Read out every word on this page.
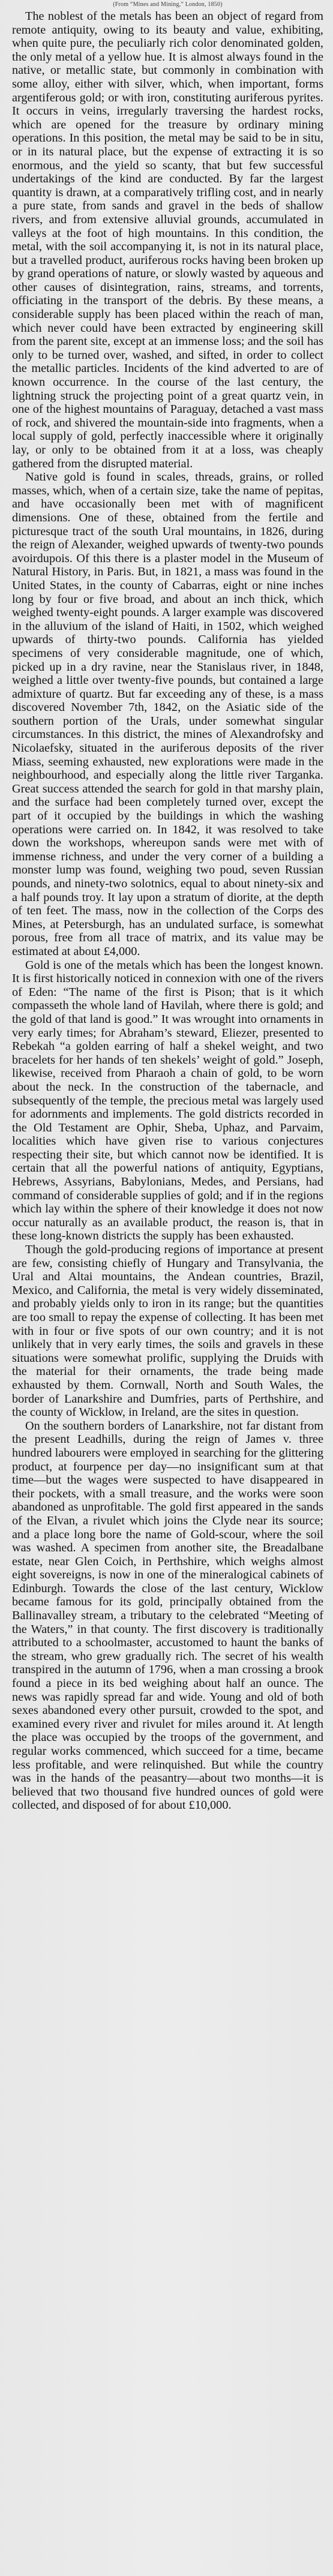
(From “Mines and Mining,” London, 1850)

The noblest of the metals has been an object of regard from remote antiquity, owing to its beauty and value, exhibiting, when quite pure, the peculiarly rich color denominated golden, the only metal of a yellow hue. It is almost always found in the native, or metallic state, but commonly in combination with some alloy, either with silver, which, when important, forms argentiferous gold; or with iron, constituting auriferous pyrites. It occurs in veins, irregularly traversing the hardest rocks, which are opened for the treasure by ordinary mining operations. In this position, the metal may be said to be in situ, or in its natural place, but the expense of extracting it is so enormous, and the yield so scanty, that but few successful undertakings of the kind are conducted. By far the largest quantity is drawn, at a comparatively trifling cost, and in nearly a pure state, from sands and gravel in the beds of shallow rivers, and from extensive alluvial grounds, accumulated in valleys at the foot of high mountains. In this condition, the metal, with the soil accompanying it, is not in its natural place, but a travelled product, auriferous rocks having been broken up by grand operations of nature, or slowly wasted by aqueous and other causes of disintegration, rains, streams, and torrents, officiating in the transport of the debris. By these means, a considerable supply has been placed within the reach of man, which never could have been extracted by engineering skill from the parent site, except at an immense loss; and the soil has only to be turned over, washed, and sifted, in order to collect the metallic particles. Incidents of the kind adverted to are of known occurrence. In the course of the last century, the lightning struck the projecting point of a great quartz vein, in one of the highest mountains of Paraguay, detached a vast mass of rock, and shivered the mountain-side into fragments, when a local supply of gold, perfectly inaccessible where it originally lay, or only to be obtained from it at a loss, was cheaply gathered from the disrupted material.

Native gold is found in scales, threads, grains, or rolled masses, which, when of a certain size, take the name of pepitas, and have occasionally been met with of magnificent dimensions. One of these, obtained from the fertile and picturesque tract of the south Ural mountains, in 1826, during the reign of Alexander, weighed upwards of twenty-two pounds avoirdupois. Of this there is a plaster model in the Museum of Natural History, in Paris. But, in 1821, a mass was found in the United States, in the county of Cabarras, eight or nine inches long by four or five broad, and about an inch thick, which weighed twenty-eight pounds. A larger example was discovered in the alluvium of the island of Haiti, in 1502, which weighed upwards of thirty-two pounds. California has yielded specimens of very considerable magnitude, one of which, picked up in a dry ravine, near the Stanislaus river, in 1848, weighed a little over twenty-five pounds, but contained a large admixture of quartz. But far exceeding any of these, is a mass discovered November 7th, 1842, on the Asiatic side of the southern portion of the Urals, under somewhat singular circumstances. In this district, the mines of Alexandrofsky and Nicolaefsky, situated in the auriferous deposits of the river Miass, seeming exhausted, new explorations were made in the neighbourhood, and especially along the little river Targanka. Great success attended the search for gold in that marshy plain, and the surface had been completely turned over, except the part of it occupied by the buildings in which the washing operations were carried on. In 1842, it was resolved to take down the workshops, whereupon sands were met with of immense richness, and under the very corner of a building a monster lump was found, weighing two poud, seven Russian pounds, and ninety-two solotnics, equal to about ninety-six and a half pounds troy. It lay upon a stratum of diorite, at the depth of ten feet. The mass, now in the collection of the Corps des Mines, at Petersburgh, has an undulated surface, is somewhat porous, free from all trace of matrix, and its value may be estimated at about £4,000.

Gold is one of the metals which has been the longest known. It is first historically noticed in connexion with one of the rivers of Eden: “The name of the first is Pison; that is it which compasseth the whole land of Havilah, where there is gold; and the gold of that land is good.” It was wrought into ornaments in very early times; for Abraham’s steward, Eliezer, presented to Rebekah “a golden earring of half a shekel weight, and two bracelets for her hands of ten shekels’ weight of gold.” Joseph, likewise, received from Pharaoh a chain of gold, to be worn about the neck. In the construction of the tabernacle, and subsequently of the temple, the precious metal was largely used for adornments and implements. The gold districts recorded in the Old Testament are Ophir, Sheba, Uphaz, and Parvaim, localities which have given rise to various conjectures respecting their site, but which cannot now be identified. It is certain that all the powerful nations of antiquity, Egyptians, Hebrews, Assyrians, Babylonians, Medes, and Persians, had command of considerable supplies of gold; and if in the regions which lay within the sphere of their knowledge it does not now occur naturally as an available product, the reason is, that in these long-known districts the supply has been exhausted.

Though the gold-producing regions of importance at present are few, consisting chiefly of Hungary and Transylvania, the Ural and Altai mountains, the Andean countries, Brazil, Mexico, and California, the metal is very widely disseminated, and probably yields only to iron in its range; but the quantities are too small to repay the expense of collecting. It has been met with in four or five spots of our own country; and it is not unlikely that in very early times, the soils and gravels in these situations were somewhat prolific, supplying the Druids with the material for their ornaments, the trade being made exhausted by them. Cornwall, North and South Wales, the border of Lanarkshire and Dumfries, parts of Perthshire, and the county of Wicklow, in Ireland, are the sites in question.

On the southern borders of Lanarkshire, not far distant from the present Leadhills, during the reign of James v. three hundred labourers were employed in searching for the glittering product, at fourpence per day—no insignificant sum at that time—but the wages were suspected to have disappeared in their pockets, with a small treasure, and the works were soon abandoned as unprofitable. The gold first appeared in the sands of the Elvan, a rivulet which joins the Clyde near its source; and a place long bore the name of Gold-scour, where the soil was washed. A specimen from another site, the Breadalbane estate, near Glen Coich, in Perthshire, which weighs almost eight sovereigns, is now in one of the mineralogical cabinets of Edinburgh. Towards the close of the last century, Wicklow became famous for its gold, principally obtained from the Ballinavalley stream, a tributary to the celebrated “Meeting of the Waters,” in that county. The first discovery is traditionally attributed to a schoolmaster, accustomed to haunt the banks of the stream, who grew gradually rich. The secret of his wealth transpired in the autumn of 1796, when a man crossing a brook found a piece in its bed weighing about half an ounce. The news was rapidly spread far and wide. Young and old of both sexes abandoned every other pursuit, crowded to the spot, and examined every river and rivulet for miles around it. At length the place was occupied by the troops of the government, and regular works commenced, which succeed for a time, became less profitable, and were relinquished. But while the country was in the hands of the peasantry—about two months—it is believed that two thousand five hundred ounces of gold were collected, and disposed of for about £10,000.
